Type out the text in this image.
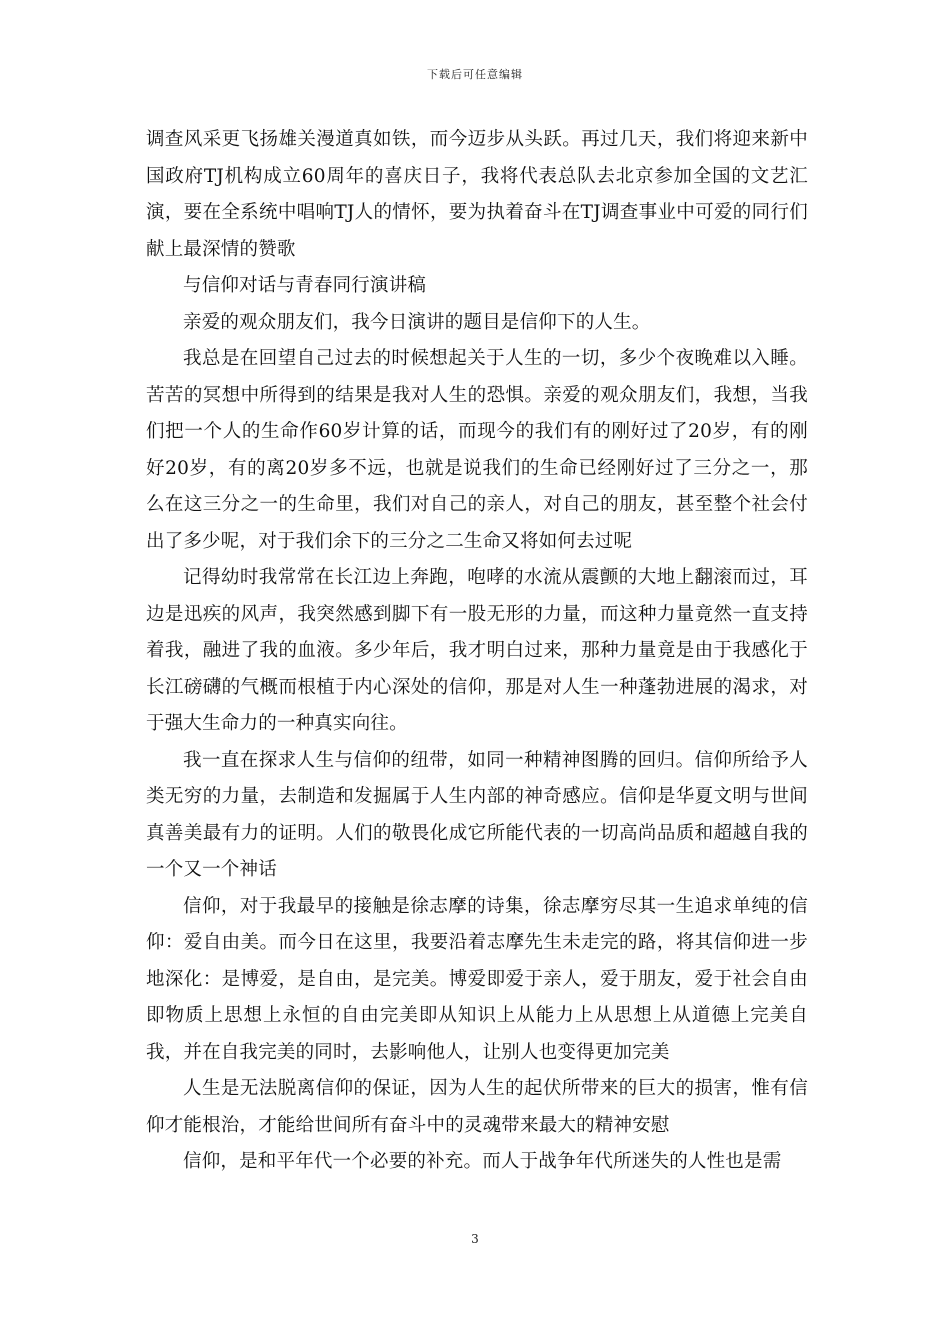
下载后可任意编辑

调查风采更飞扬雄关漫道真如铁，而今迈步从头跃。再过几天，我们将迎来新中国政府TJ机构成立60周年的喜庆日子，我将代表总队去北京参加全国的文艺汇演，要在全系统中唱响TJ人的情怀，要为执着奋斗在TJ调查事业中可爱的同行们献上最深情的赞歌

与信仰对话与青春同行演讲稿

亲爱的观众朋友们，我今日演讲的题目是信仰下的人生。

我总是在回望自己过去的时候想起关于人生的一切，多少个夜晚难以入睡。苦苦的冥想中所得到的结果是我对人生的恐惧。亲爱的观众朋友们，我想，当我们把一个人的生命作60岁计算的话，而现今的我们有的刚好过了20岁，有的刚好20岁，有的离20岁多不远，也就是说我们的生命已经刚好过了三分之一，那么在这三分之一的生命里，我们对自己的亲人，对自己的朋友，甚至整个社会付出了多少呢，对于我们余下的三分之二生命又将如何去过呢

记得幼时我常常在长江边上奔跑，咆哮的水流从震颤的大地上翻滚而过，耳边是迅疾的风声，我突然感到脚下有一股无形的力量，而这种力量竟然一直支持着我，融进了我的血液。多少年后，我才明白过来，那种力量竟是由于我感化于长江磅礴的气概而根植于内心深处的信仰，那是对人生一种蓬勃进展的渴求，对于强大生命力的一种真实向往。

我一直在探求人生与信仰的纽带，如同一种精神图腾的回归。信仰所给予人类无穷的力量，去制造和发掘属于人生内部的神奇感应。信仰是华夏文明与世间真善美最有力的证明。人们的敬畏化成它所能代表的一切高尚品质和超越自我的一个又一个神话

信仰，对于我最早的接触是徐志摩的诗集，徐志摩穷尽其一生追求单纯的信仰：爱自由美。而今日在这里，我要沿着志摩先生未走完的路，将其信仰进一步地深化：是博爱，是自由，是完美。博爱即爱于亲人，爱于朋友，爱于社会自由即物质上思想上永恒的自由完美即从知识上从能力上从思想上从道德上完美自我，并在自我完美的同时，去影响他人，让别人也变得更加完美

人生是无法脱离信仰的保证，因为人生的起伏所带来的巨大的损害，惟有信仰才能根治，才能给世间所有奋斗中的灵魂带来最大的精神安慰

信仰，是和平年代一个必要的补充。而人于战争年代所迷失的人性也是需

3
